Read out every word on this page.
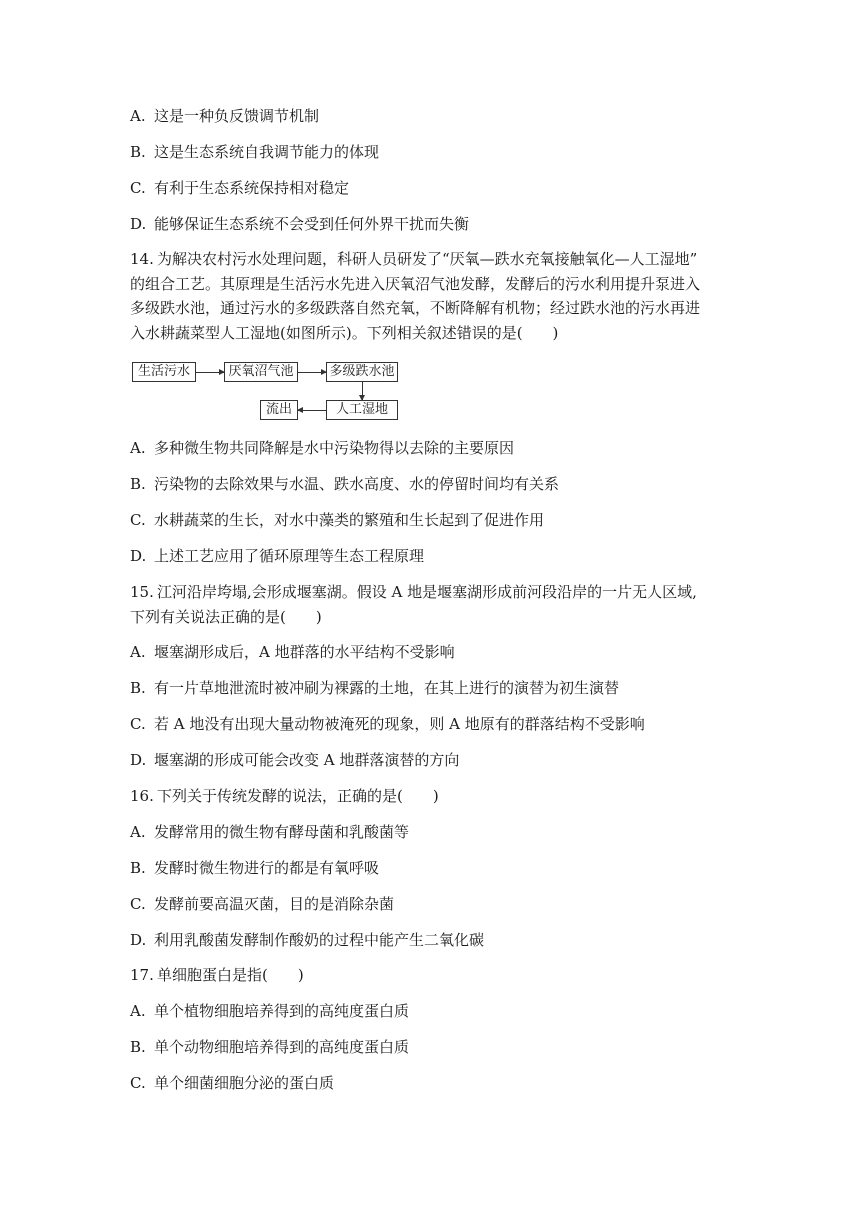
A. 这是一种负反馈调节机制
B. 这是生态系统自我调节能力的体现
C. 有利于生态系统保持相对稳定
D. 能够保证生态系统不会受到任何外界干扰而失衡
14. 为解决农村污水处理问题，科研人员研发了“厌氧—跌水充氧接触氧化—人工湿地”
的组合工艺。其原理是生活污水先进入厌氧沼气池发酵，发酵后的污水利用提升泵进入
多级跌水池，通过污水的多级跌落自然充氧，不断降解有机物；经过跌水池的污水再进
入水耕蔬菜型人工湿地(如图所示)。下列相关叙述错误的是(　　)
生活污水	厌氧沼气池	多级跌水池
人工湿地
流出
A. 多种微生物共同降解是水中污染物得以去除的主要原因
B. 污染物的去除效果与水温、跌水高度、水的停留时间均有关系
C. 水耕蔬菜的生长，对水中藻类的繁殖和生长起到了促进作用
D. 上述工艺应用了循环原理等生态工程原理
15. 江河沿岸垮塌,会形成堰塞湖。假设 A 地是堰塞湖形成前河段沿岸的一片无人区域,
下列有关说法正确的是(　　)
A. 堰塞湖形成后，A 地群落的水平结构不受影响
B. 有一片草地泄流时被冲刷为裸露的土地，在其上进行的演替为初生演替
C. 若 A 地没有出现大量动物被淹死的现象，则 A 地原有的群落结构不受影响
D. 堰塞湖的形成可能会改变 A 地群落演替的方向
16. 下列关于传统发酵的说法，正确的是(　　)
A. 发酵常用的微生物有酵母菌和乳酸菌等
B. 发酵时微生物进行的都是有氧呼吸
C. 发酵前要高温灭菌，目的是消除杂菌
D. 利用乳酸菌发酵制作酸奶的过程中能产生二氧化碳
17. 单细胞蛋白是指(　　)
A. 单个植物细胞培养得到的高纯度蛋白质
B. 单个动物细胞培养得到的高纯度蛋白质
C. 单个细菌细胞分泌的蛋白质
